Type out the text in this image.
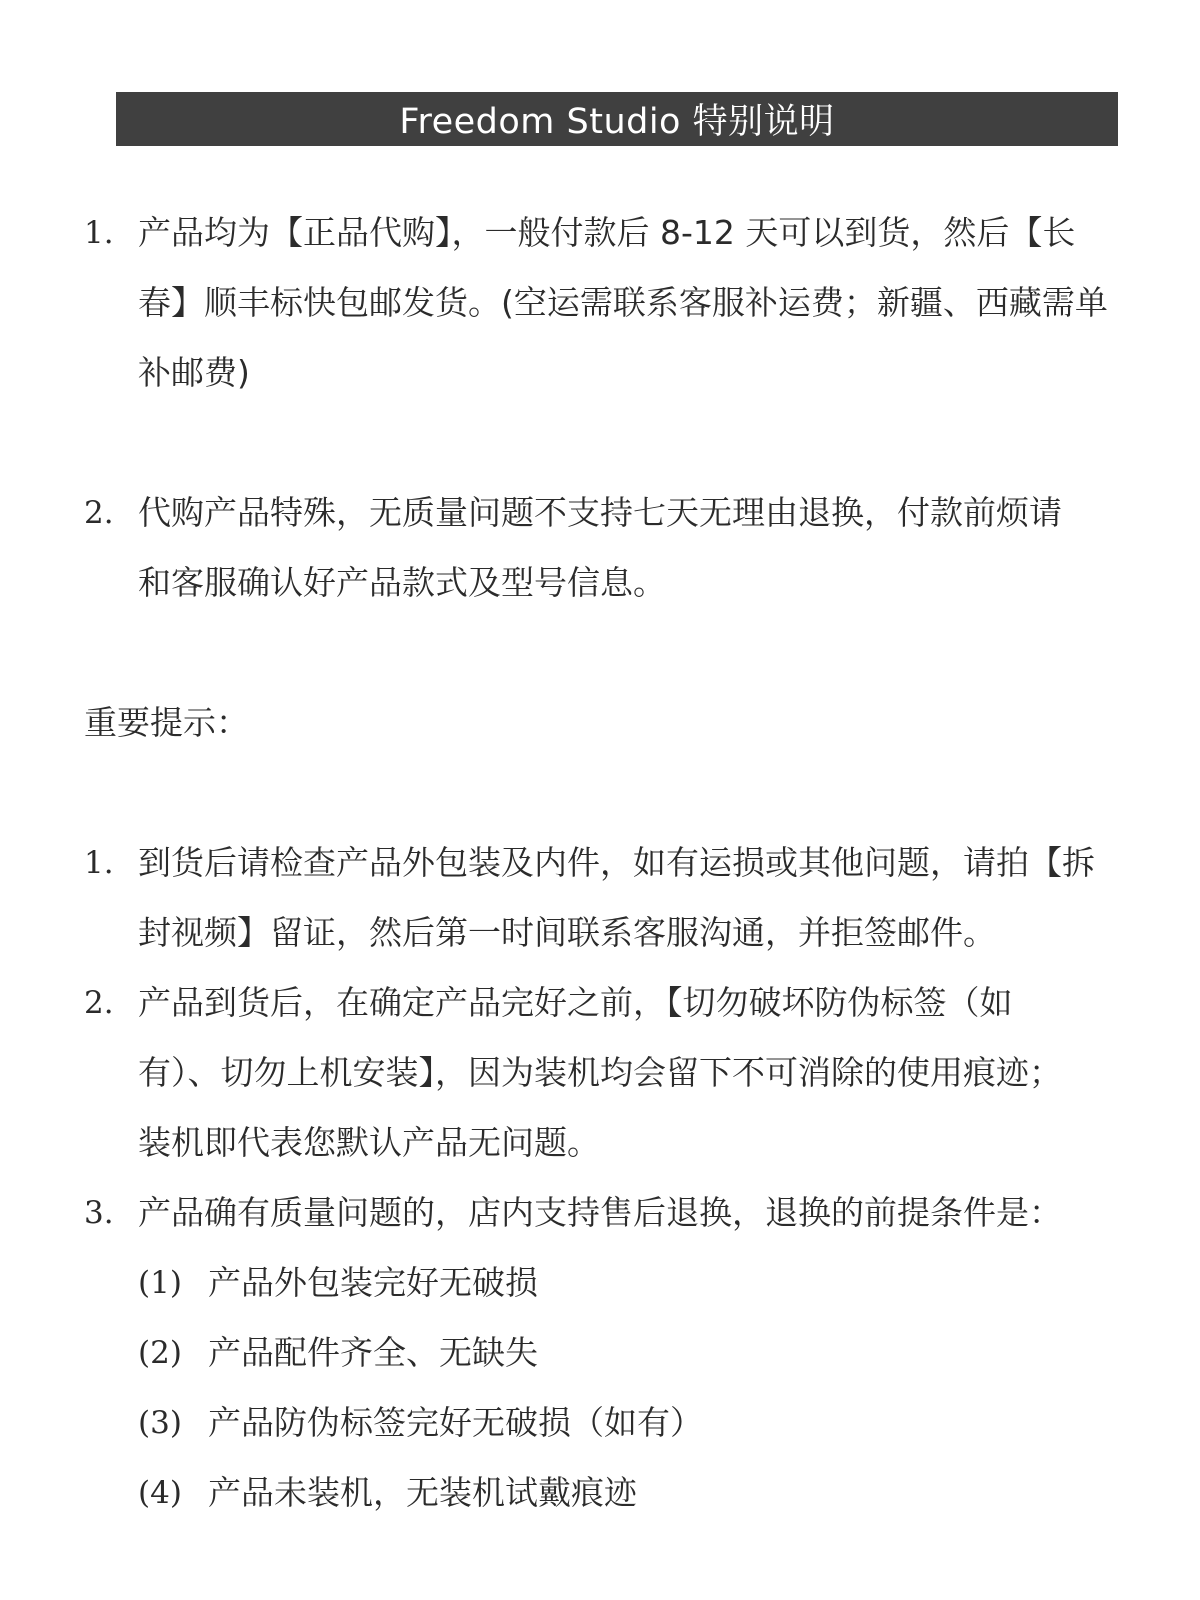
Freedom Studio 特别说明
1. 产品均为【正品代购】，一般付款后 8-12 天可以到货，然后【长春】顺丰标快包邮发货。(空运需联系客服补运费；新疆、西藏需单补邮费)
2. 代购产品特殊，无质量问题不支持七天无理由退换，付款前烦请和客服确认好产品款式及型号信息。
重要提示：
1. 到货后请检查产品外包装及内件，如有运损或其他问题，请拍【拆封视频】留证，然后第一时间联系客服沟通，并拒签邮件。
2. 产品到货后，在确定产品完好之前，【切勿破坏防伪标签（如有）、切勿上机安装】，因为装机均会留下不可消除的使用痕迹；装机即代表您默认产品无问题。
3. 产品确有质量问题的，店内支持售后退换，退换的前提条件是：
(1) 产品外包装完好无破损
(2) 产品配件齐全、无缺失
(3) 产品防伪标签完好无破损（如有）
(4) 产品未装机，无装机试戴痕迹
